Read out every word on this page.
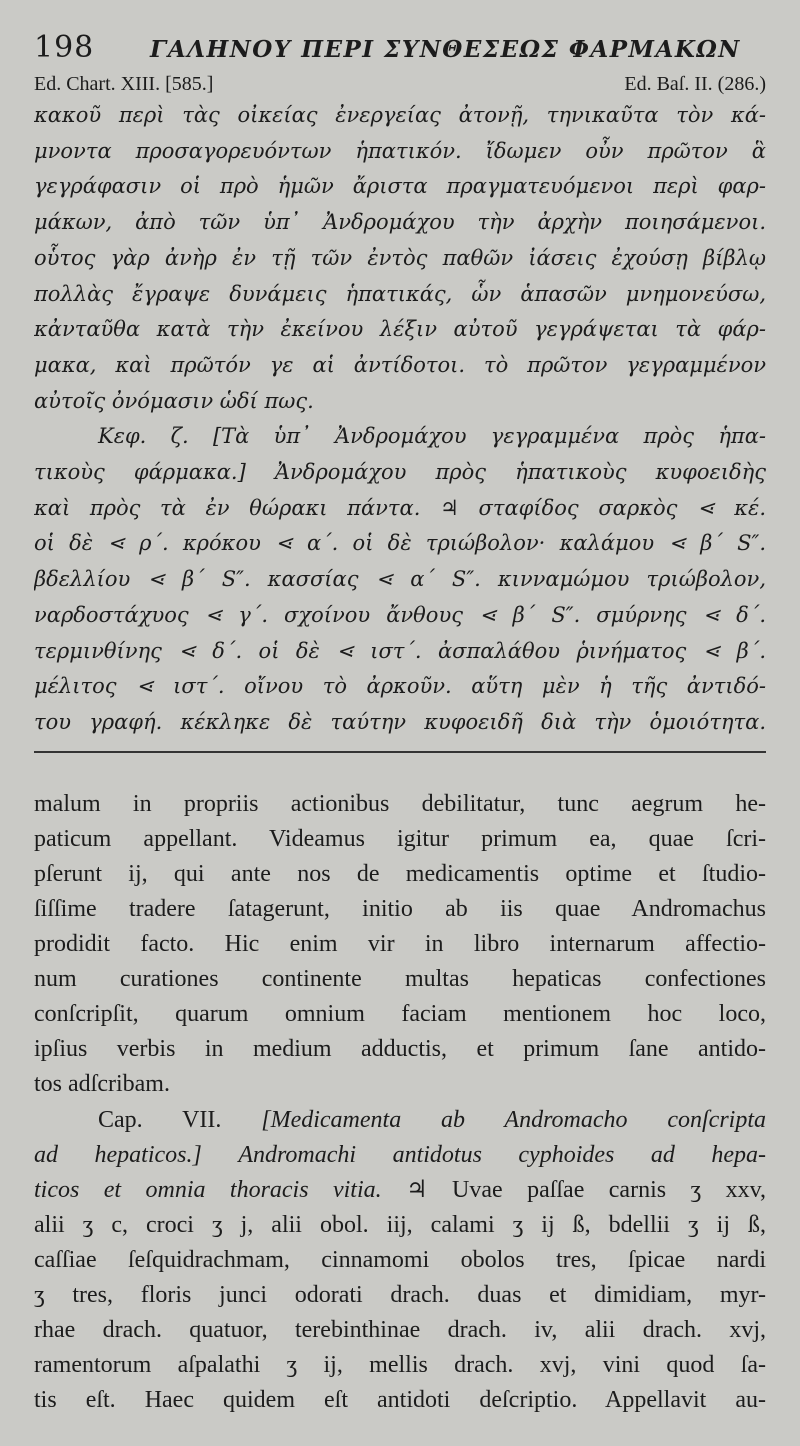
198	ΓΑΛΗΝΟΥ ΠΕΡΙ ΣΥΝΘΕΣΕΩΣ ΦΑΡΜΑΚΩΝ
Ed. Chart. XIII. [585.]	Ed. Baſ. II. (286.)
κακοῦ περὶ τὰς οἰκείας ἐνεργείας ἀτονῇ, τηνικαῦτα τὸν κά-
μνοντα προσαγορευόντων ἡπατικόν. ἴδωμεν οὖν πρῶτον ἃ
γεγράφασιν οἱ πρὸ ἡμῶν ἄριστα πραγματευόμενοι περὶ φαρ-
μάκων, ἀπὸ τῶν ὑπ᾽ Ἀνδρομάχου τὴν ἀρχὴν ποιησάμενοι.
οὗτος γὰρ ἀνὴρ ἐν τῇ τῶν ἐντὸς παθῶν ἰάσεις ἐχούσῃ βίβλῳ
πολλὰς ἔγραψε δυνάμεις ἡπατικάς, ὧν ἁπασῶν μνημονεύσω,
κἀνταῦθα κατὰ τὴν ἐκείνου λέξιν αὐτοῦ γεγράψεται τὰ φάρ-
μακα, καὶ πρῶτόν γε αἱ ἀντίδοτοι. τὸ πρῶτον γεγραμμένον
αὐτοῖς ὀνόμασιν ὡδί πως.
Κεφ. ζ. [Τὰ ὑπ᾽ Ἀνδρομάχου γεγραμμένα πρὸς ἡπα-
τικοὺς φάρμακα.] Ἀνδρομάχου πρὸς ἡπατικοὺς κυφοειδὴς
καὶ πρὸς τὰ ἐν θώρακι πάντα. ♃ σταφίδος σαρκὸς ⋖ κέ.
οἱ δὲ ⋖ ρ΄. κρόκου ⋖ α΄. οἱ δὲ τριώβολον· καλάμου ⋖ β΄ S″.
βδελλίου ⋖ β΄ S″. κασσίας ⋖ α΄ S″. κινναμώμου τριώβολον,
ναρδοστάχυος ⋖ γ΄. σχοίνου ἄνθους ⋖ β΄ S″. σμύρνης ⋖ δ΄.
τερμινθίνης ⋖ δ΄. οἱ δὲ ⋖ ιστ΄. ἀσπαλάθου ῥινήματος ⋖ β΄.
μέλιτος ⋖ ιστ΄. οἴνου τὸ ἀρκοῦν. αὕτη μὲν ἡ τῆς ἀντιδό-
του γραφή. κέκληκε δὲ ταύτην κυφοειδῆ διὰ τὴν ὁμοιότητα.
malum in propriis actionibus debilitatur, tunc aegrum he-
paticum appellant. Videamus igitur primum ea, quae ſcri-
pſerunt ij, qui ante nos de medicamentis optime et ſtudio-
ſiſſime tradere ſatagerunt, initio ab iis quae Andromachus
prodidit facto. Hic enim vir in libro internarum affectio-
num curationes continente multas hepaticas confectiones
conſcripſit, quarum omnium faciam mentionem hoc loco,
ipſius verbis in medium adductis, et primum ſane antido-
tos adſcribam.
Cap. VII. [Medicamenta ab Andromacho conſcripta
ad hepaticos.] Andromachi antidotus cyphoides ad hepa-
ticos et omnia thoracis vitia. ♃ Uvae paſſae carnis ʒ xxv,
alii ʒ c, croci ʒ j, alii obol. iij, calami ʒ ij ß, bdellii ʒ ij ß,
caſſiae ſeſquidrachmam, cinnamomi obolos tres, ſpicae nardi
ʒ tres, floris junci odorati drach. duas et dimidiam, myr-
rhae drach. quatuor, terebinthinae drach. iv, alii drach. xvj,
ramentorum aſpalathi ʒ ij, mellis drach. xvj, vini quod ſa-
tis eſt. Haec quidem eſt antidoti deſcriptio. Appellavit au-
